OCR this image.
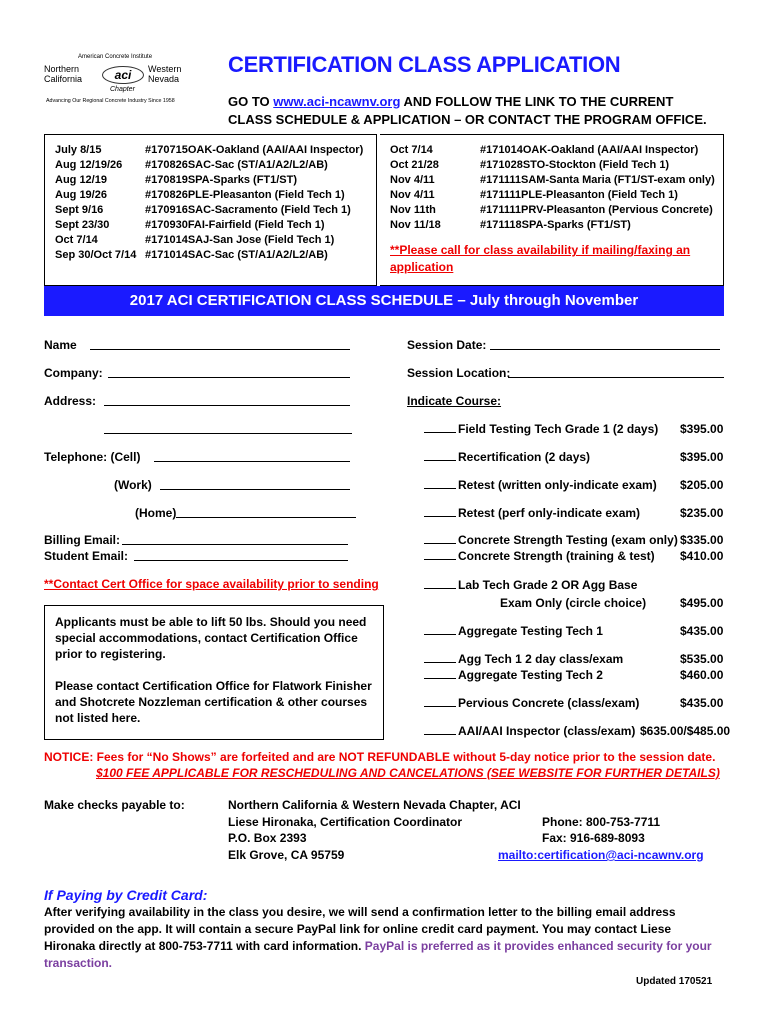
American Concrete Institute
Northern
California	aci	Western
Nevada
Chapter
Advancing Our Regional Concrete Industry Since 1958
CERTIFICATION CLASS APPLICATION
GO TO www.aci-ncawnv.org AND FOLLOW THE LINK TO THE CURRENT
CLASS SCHEDULE & APPLICATION – OR CONTACT THE PROGRAM OFFICE.
July 8/15	#170715OAK-Oakland (AAI/AAI Inspector)
Aug 12/19/26 #170826SAC-Sac (ST/A1/A2/L2/AB)
Aug 12/19	#170819SPA-Sparks (FT1/ST)
Aug 19/26	#170826PLE-Pleasanton (Field Tech 1)
Sept 9/16	#170916SAC-Sacramento (Field Tech 1)
Sept 23/30	#170930FAI-Fairfield (Field Tech 1)
Oct 7/14	#171014SAJ-San Jose (Field Tech 1)
Sep 30/Oct 7/14 #171014SAC-Sac (ST/A1/A2/L2/AB)
Oct 7/14	#171014OAK-Oakland (AAI/AAI Inspector)
Oct 21/28	#171028STO-Stockton (Field Tech 1)
Nov 4/11	#171111SAM-Santa Maria (FT1/ST-exam only)
Nov 4/11	#171111PLE-Pleasanton (Field Tech 1)
Nov 11th	#171111PRV-Pleasanton (Pervious Concrete)
Nov 11/18	#171118SPA-Sparks (FT1/ST)
**Please call for class availability if mailing/faxing an application
2017 ACI CERTIFICATION CLASS SCHEDULE – July through November
Name
Company:
Address:
Telephone: (Cell)
(Work)
(Home)
Billing Email:
Student Email:
**Contact Cert Office for space availability prior to sending
Applicants must be able to lift 50 lbs. Should you need special accommodations, contact Certification Office prior to registering.
Please contact Certification Office for Flatwork Finisher and Shotcrete Nozzleman certification & other courses not listed here.
Session Date:
Session Location:
Indicate Course:
Field Testing Tech Grade 1 (2 days) $395.00
Recertification (2 days)	$395.00
Retest (written only-indicate exam) $205.00
Retest (perf only-indicate exam)	$235.00
Concrete Strength Testing (exam only) $335.00
Concrete Strength (training & test) $410.00
Lab Tech Grade 2 OR Agg Base
Exam Only (circle choice)	$495.00
Aggregate Testing Tech 1	$435.00
Agg Tech 1 2 day class/exam	$535.00
Aggregate Testing Tech 2	$460.00
Pervious Concrete (class/exam)	$435.00
AAI/AAI Inspector (class/exam) $635.00/$485.00
NOTICE: Fees for “No Shows” are forfeited and are NOT REFUNDABLE without 5-day notice prior to the session date.
$100 FEE APPLICABLE FOR RESCHEDULING AND CANCELATIONS (SEE WEBSITE FOR FURTHER DETAILS)
Make checks payable to:	Northern California & Western Nevada Chapter, ACI
Liese Hironaka, Certification Coordinator
P.O. Box 2393
Elk Grove, CA 95759
Phone: 800-753-7711
Fax: 916-689-8093
mailto:certification@aci-ncawnv.org
If Paying by Credit Card:
After verifying availability in the class you desire, we will send a confirmation letter to the billing email address provided on the app. It will contain a secure PayPal link for online credit card payment. You may contact Liese Hironaka directly at 800-753-7711 with card information. PayPal is preferred as it provides enhanced security for your transaction.
Updated 170521
